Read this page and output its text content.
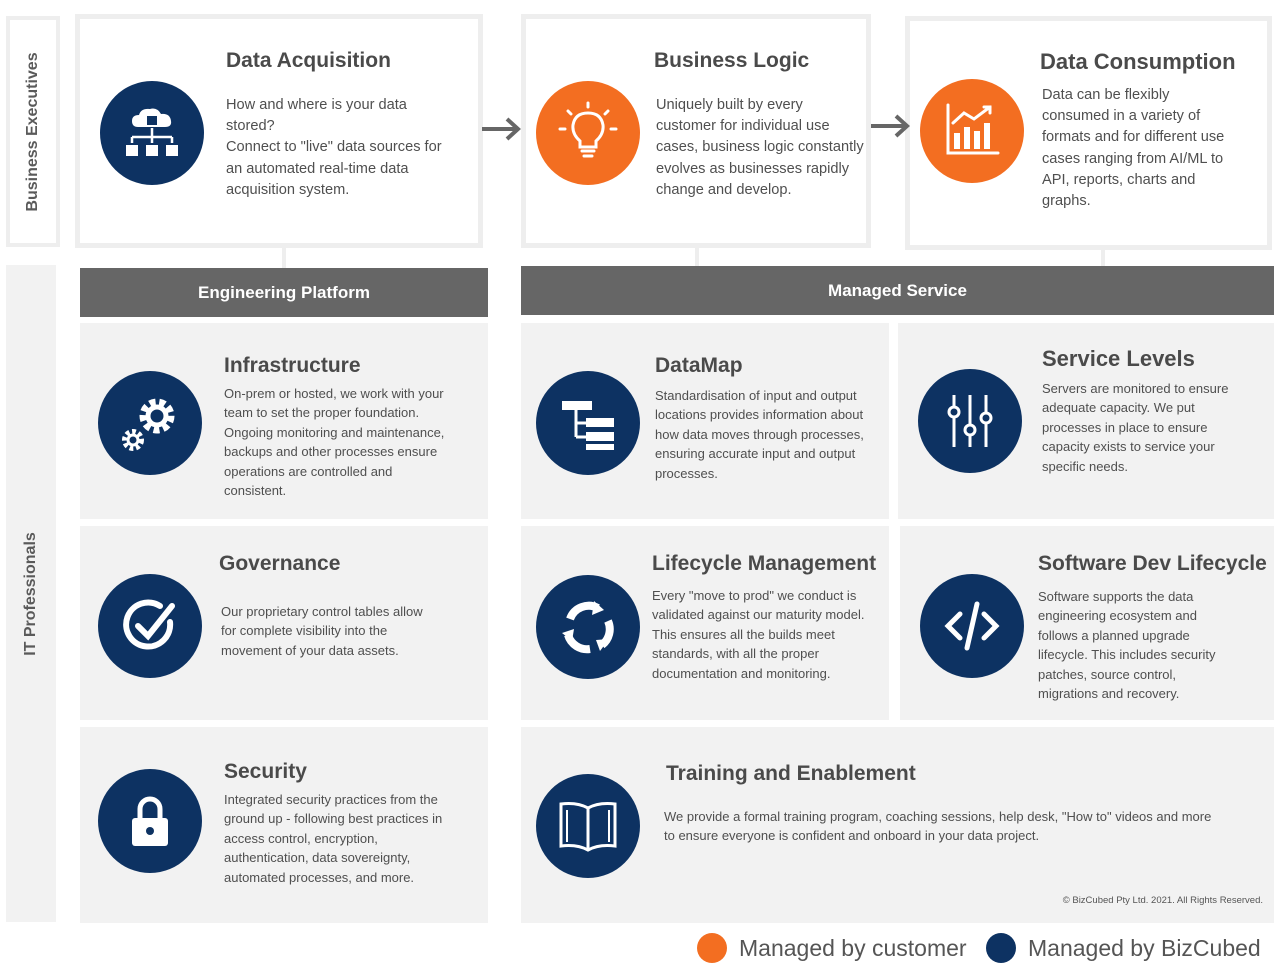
Business Executives
IT Professionals
Data Acquisition
How and where is your data
stored?
Connect to "live" data sources for
an automated real-time data
acquisition system.
Business Logic
Uniquely built by every
customer for individual use
cases, business logic constantly
evolves as businesses rapidly
change and develop.
Data Consumption
Data can be flexibly
consumed in a variety of
formats and for different use
cases ranging from AI/ML to
API, reports, charts and
graphs.
Engineering Platform	Managed Service
Infrastructure
On-prem or hosted, we work with your
team to set the proper foundation.
Ongoing monitoring and maintenance,
backups and other processes ensure
operations are controlled and
consistent.
DataMap
Standardisation of input and output
locations provides information about
how data moves through processes,
ensuring accurate input and output
processes.
Service Levels
Servers are monitored to ensure
adequate capacity. We put
processes in place to ensure
capacity exists to service your
specific needs.
Governance
Our proprietary control tables allow
for complete visibility into the
movement of your data assets.
Lifecycle Management
Every "move to prod" we conduct is
validated against our maturity model.
This ensures all the builds meet
standards, with all the proper
documentation and monitoring.
Software Dev Lifecycle
Software supports the data
engineering ecosystem and
follows a planned upgrade
lifecycle. This includes security
patches, source control,
migrations and recovery.
Security
Integrated security practices from the
ground up - following best practices in
access control, encryption,
authentication, data sovereignty,
automated processes, and more.
Training and Enablement
We provide a formal training program, coaching sessions, help desk, "How to" videos and more
to ensure everyone is confident and onboard in your data project.
© BizCubed Pty Ltd. 2021. All Rights Reserved.
Managed by customer	Managed by BizCubed
